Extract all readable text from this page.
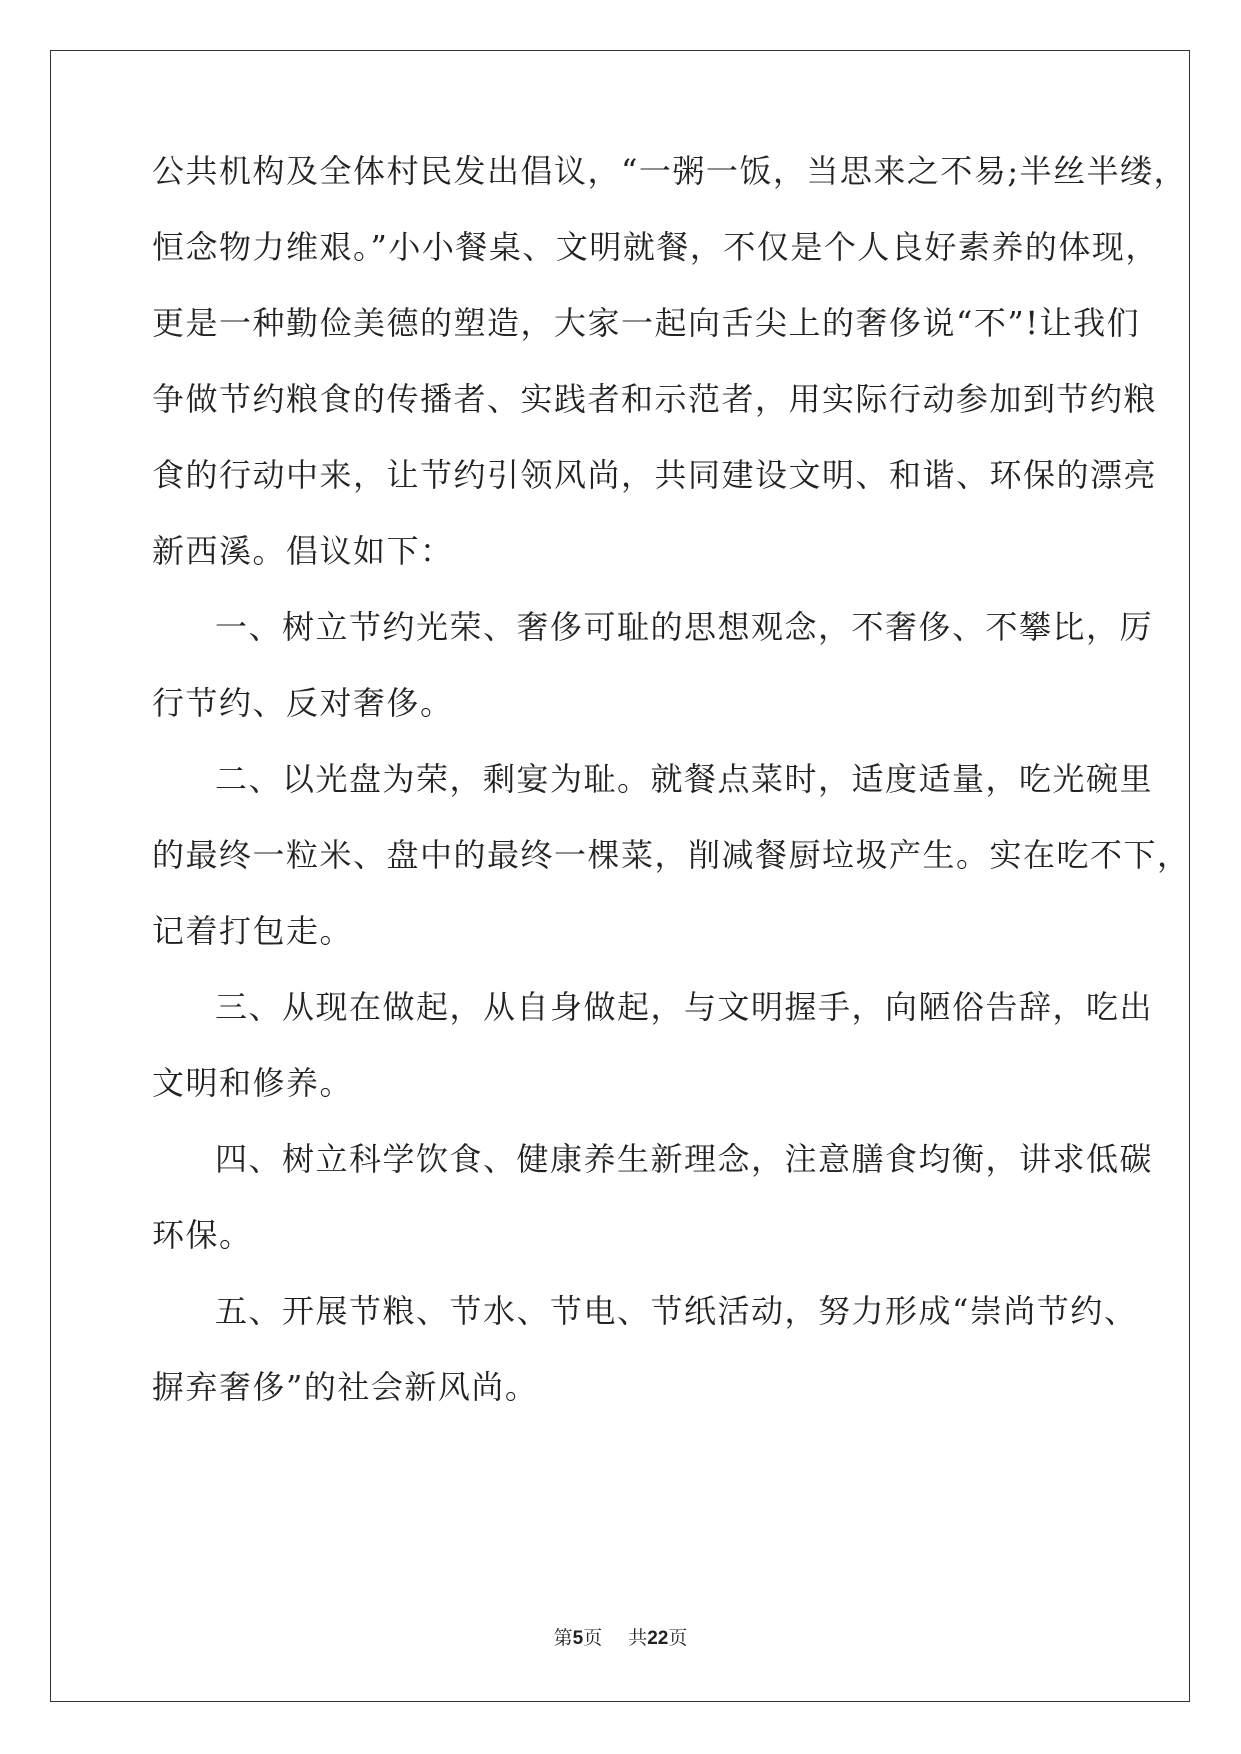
公共机构及全体村民发出倡议，“一粥一饭，当思来之不易;半丝半缕，
恒念物力维艰。”小小餐桌、文明就餐，不仅是个人良好素养的体现，
更是一种勤俭美德的塑造，大家一起向舌尖上的奢侈说“不”!让我们
争做节约粮食的传播者、实践者和示范者，用实际行动参加到节约粮
食的行动中来，让节约引领风尚，共同建设文明、和谐、环保的漂亮
新西溪。倡议如下：
一、树立节约光荣、奢侈可耻的思想观念，不奢侈、不攀比，厉
行节约、反对奢侈。
二、以光盘为荣，剩宴为耻。就餐点菜时，适度适量，吃光碗里
的最终一粒米、盘中的最终一棵菜，削减餐厨垃圾产生。实在吃不下，
记着打包走。
三、从现在做起，从自身做起，与文明握手，向陋俗告辞，吃出
文明和修养。
四、树立科学饮食、健康养生新理念，注意膳食均衡，讲求低碳
环保。
五、开展节粮、节水、节电、节纸活动，努力形成“崇尚节约、
摒弃奢侈”的社会新风尚。
第5页 共22页
